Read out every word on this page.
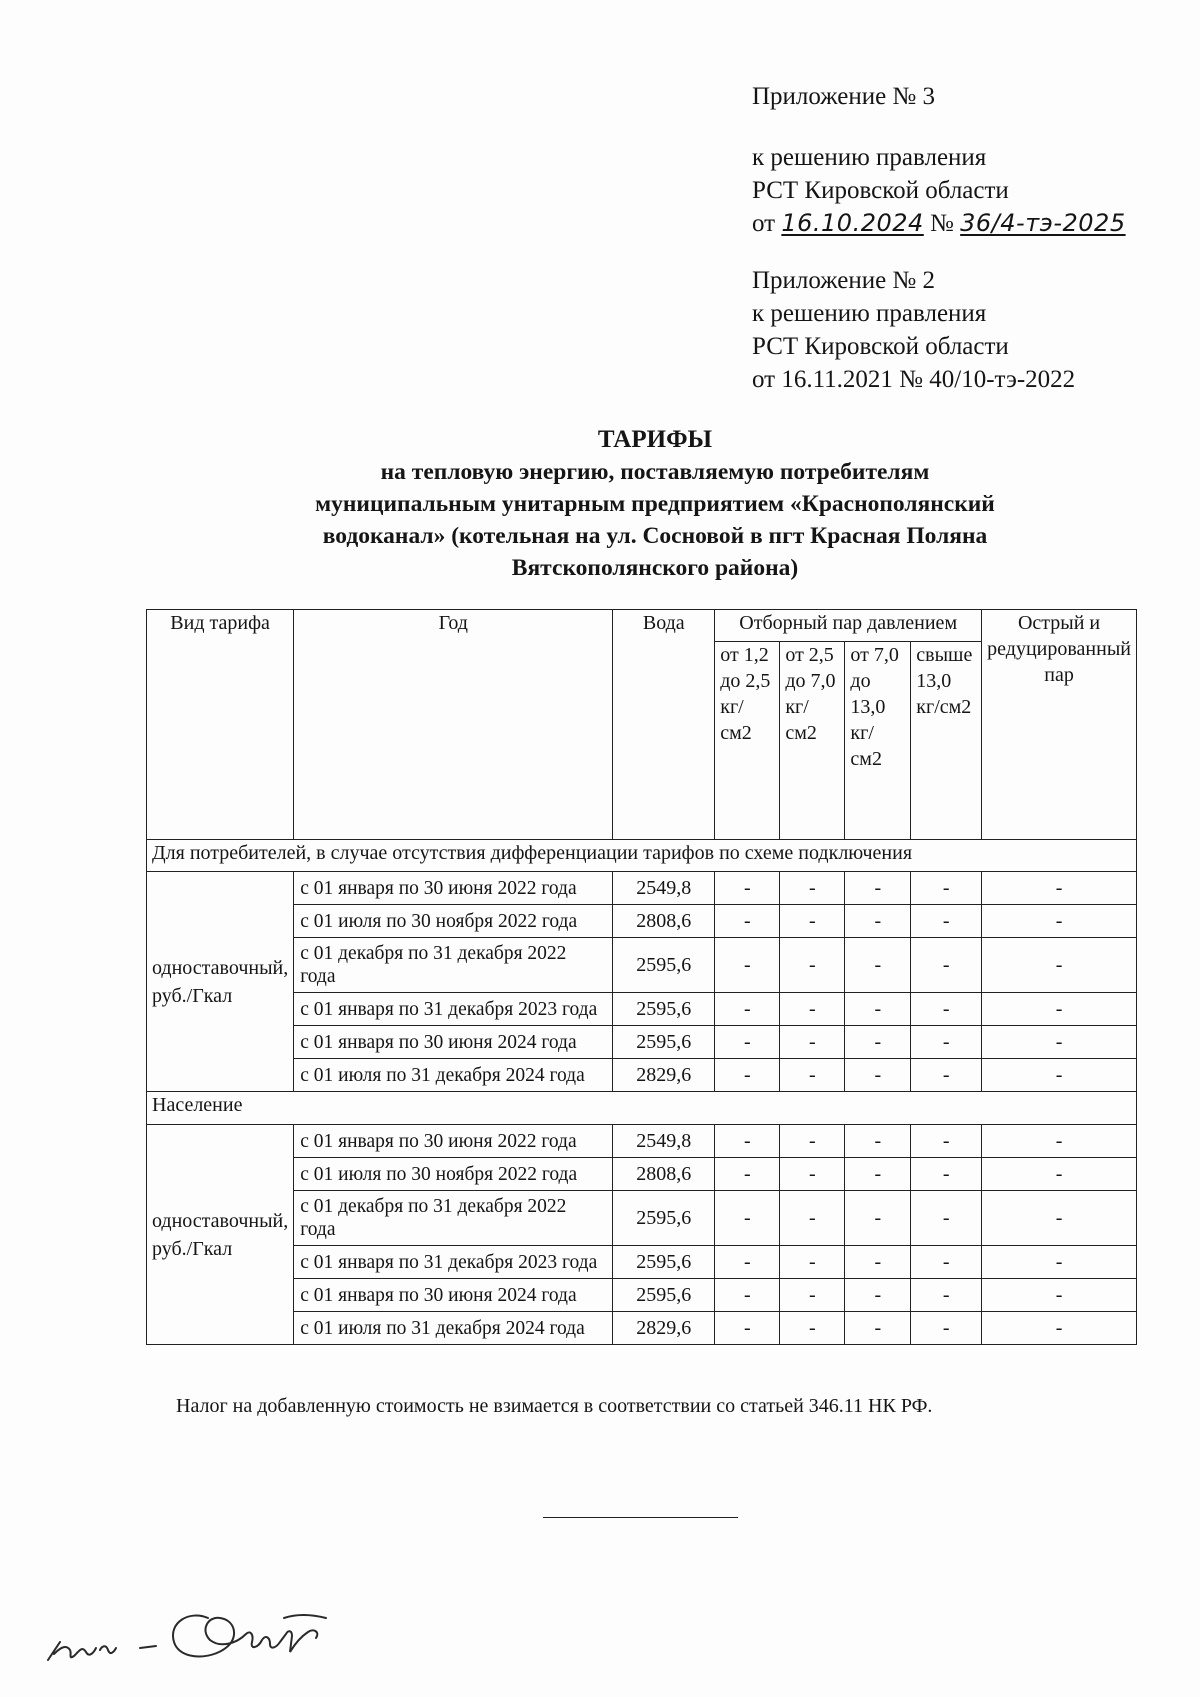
Приложение № 3
к решению правления
РСТ Кировской области
от 16.10.2024 № 36/4-тэ-2025
Приложение № 2
к решению правления
РСТ Кировской области
от 16.11.2021 № 40/10-тэ-2022
ТАРИФЫ
на тепловую энергию, поставляемую потребителям
муниципальным унитарным предприятием «Краснополянский
водоканал» (котельная на ул. Сосновой в пгт Красная Поляна
Вятскополянского района)
Вид тарифа	Год	Вода	Отборный пар давлением				Острый и редуцированный пар
			от 1,2 до 2,5 кг/см2	от 2,5 до 7,0 кг/см2	от 7,0 до 13,0 кг/см2	свыше 13,0 кг/см2	
Для потребителей, в случае отсутствия дифференциации тарифов по схеме подключения							
одноставочный, руб./Гкал	с 01 января по 30 июня 2022 года	2549,8	-	-	-	-	-
	с 01 июля по 30 ноября 2022 года	2808,6	-	-	-	-	-
	с 01 декабря по 31 декабря 2022 года	2595,6	-	-	-	-	-
	с 01 января по 31 декабря 2023 года	2595,6	-	-	-	-	-
	с 01 января по 30 июня 2024 года	2595,6	-	-	-	-	-
	с 01 июля по 31 декабря 2024 года	2829,6	-	-	-	-	-
Население							
одноставочный, руб./Гкал	с 01 января по 30 июня 2022 года	2549,8	-	-	-	-	-
	с 01 июля по 30 ноября 2022 года	2808,6	-	-	-	-	-
	с 01 декабря по 31 декабря 2022 года	2595,6	-	-	-	-	-
	с 01 января по 31 декабря 2023 года	2595,6	-	-	-	-	-
	с 01 января по 30 июня 2024 года	2595,6	-	-	-	-	-
	с 01 июля по 31 декабря 2024 года	2829,6	-	-	-	-	-
Налог на добавленную стоимость не взимается в соответствии со статьей 346.11 НК РФ.
